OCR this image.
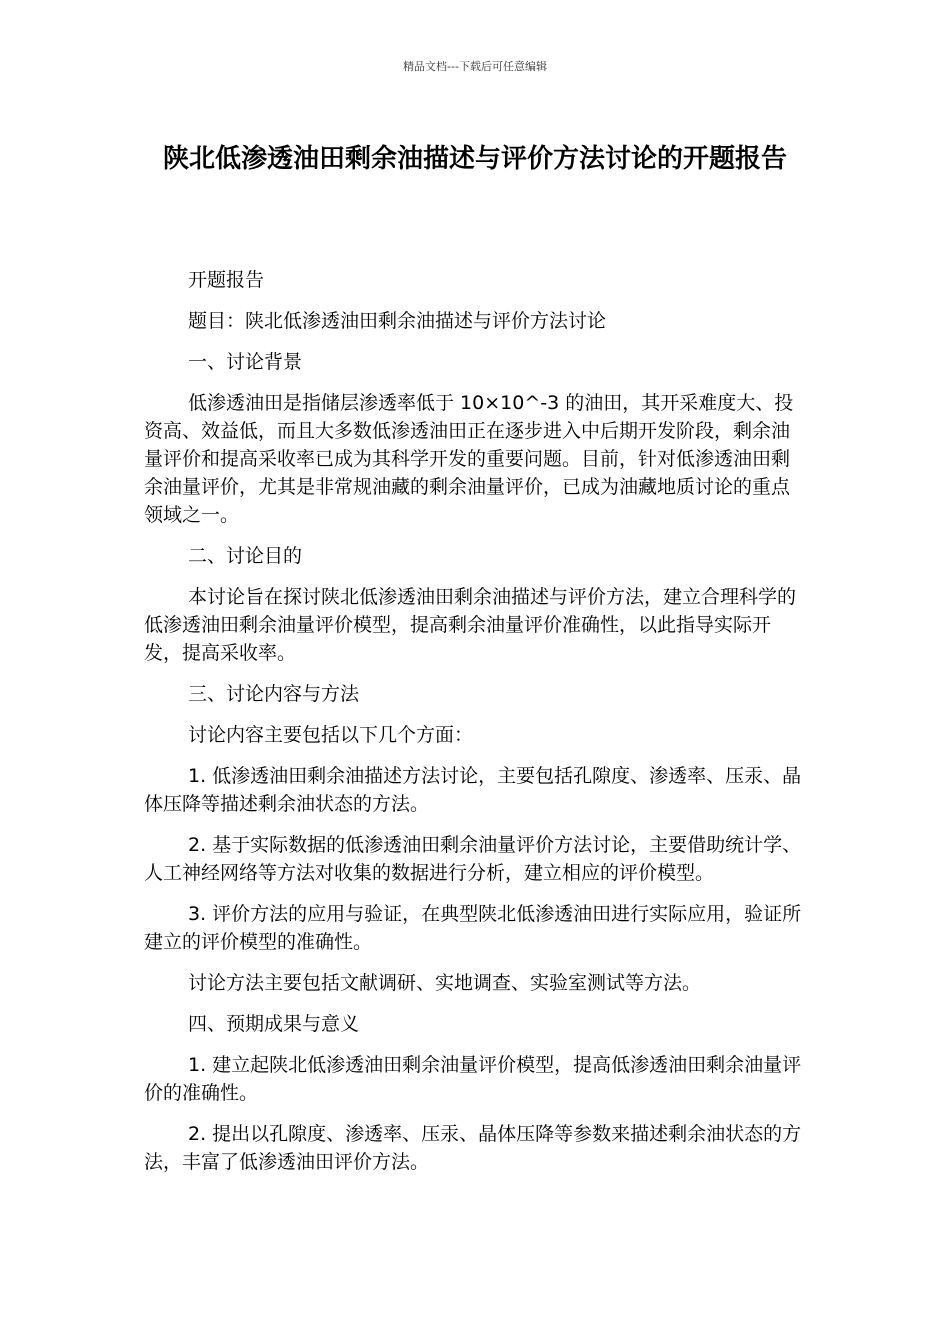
精品文档---下载后可任意编辑
陕北低渗透油田剩余油描述与评价方法讨论的开题报告

开题报告

题目：陕北低渗透油田剩余油描述与评价方法讨论

一、讨论背景

低渗透油田是指储层渗透率低于 10×10^-3 的油田，其开采难度大、投资高、效益低，而且大多数低渗透油田正在逐步进入中后期开发阶段，剩余油量评价和提高采收率已成为其科学开发的重要问题。目前，针对低渗透油田剩余油量评价，尤其是非常规油藏的剩余油量评价，已成为油藏地质讨论的重点领域之一。

二、讨论目的

本讨论旨在探讨陕北低渗透油田剩余油描述与评价方法，建立合理科学的低渗透油田剩余油量评价模型，提高剩余油量评价准确性，以此指导实际开发，提高采收率。

三、讨论内容与方法

讨论内容主要包括以下几个方面：

1. 低渗透油田剩余油描述方法讨论，主要包括孔隙度、渗透率、压汞、晶体压降等描述剩余油状态的方法。

2. 基于实际数据的低渗透油田剩余油量评价方法讨论，主要借助统计学、人工神经网络等方法对收集的数据进行分析，建立相应的评价模型。

3. 评价方法的应用与验证，在典型陕北低渗透油田进行实际应用，验证所建立的评价模型的准确性。

讨论方法主要包括文献调研、实地调查、实验室测试等方法。

四、预期成果与意义

1. 建立起陕北低渗透油田剩余油量评价模型，提高低渗透油田剩余油量评价的准确性。

2. 提出以孔隙度、渗透率、压汞、晶体压降等参数来描述剩余油状态的方法，丰富了低渗透油田评价方法。
